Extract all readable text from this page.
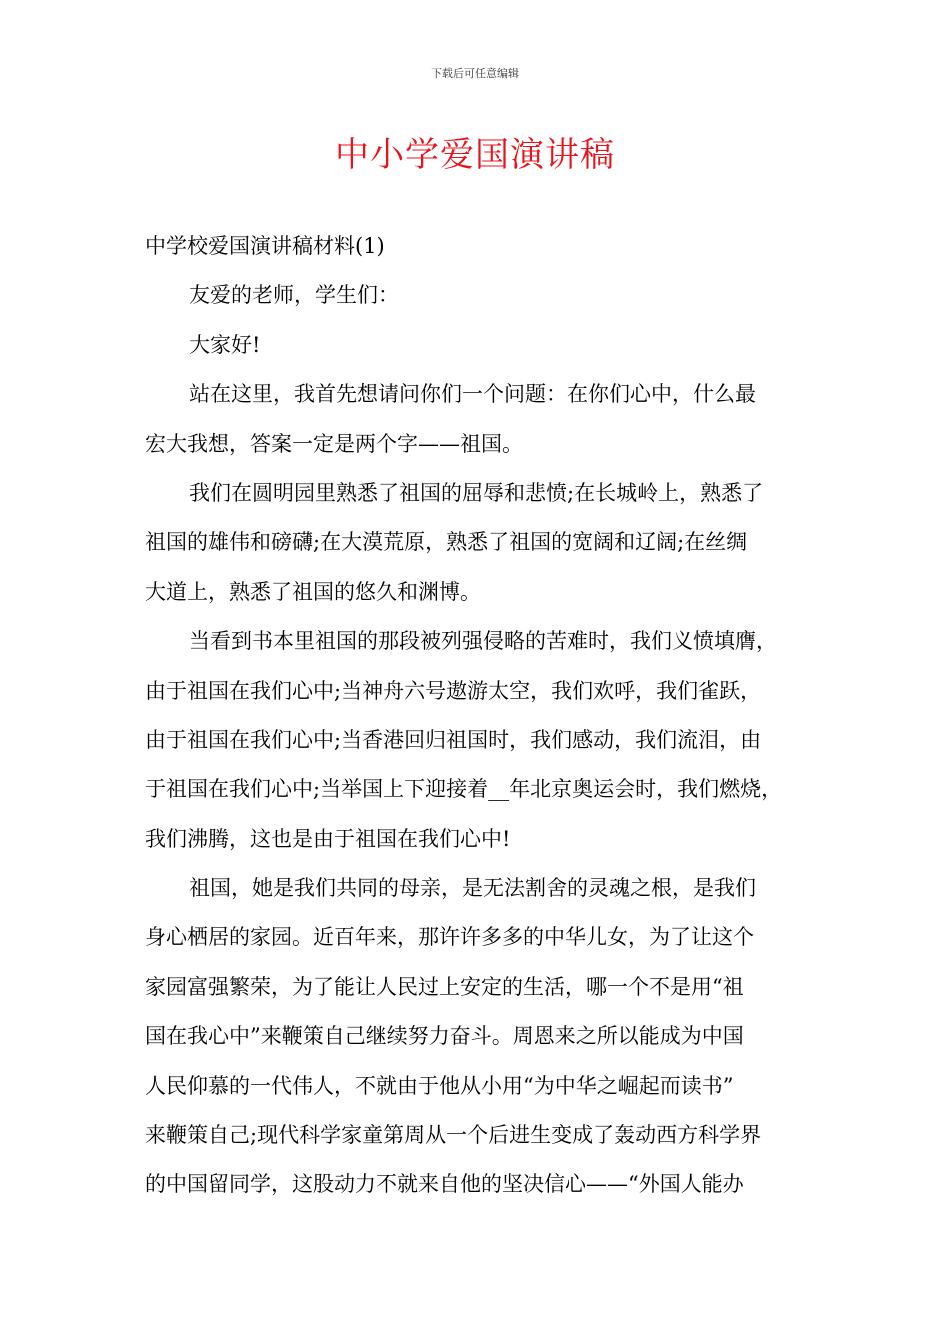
下载后可任意编辑
中小学爱国演讲稿
中学校爱国演讲稿材料(1)
友爱的老师，学生们：
大家好!
站在这里，我首先想请问你们一个问题：在你们心中，什么最
宏大我想，答案一定是两个字——祖国。
我们在圆明园里熟悉了祖国的屈辱和悲愤;在长城岭上，熟悉了
祖国的雄伟和磅礴;在大漠荒原，熟悉了祖国的宽阔和辽阔;在丝绸
大道上，熟悉了祖国的悠久和渊博。
当看到书本里祖国的那段被列强侵略的苦难时，我们义愤填膺，
由于祖国在我们心中;当神舟六号遨游太空，我们欢呼，我们雀跃，
由于祖国在我们心中;当香港回归祖国时，我们感动，我们流泪，由
于祖国在我们心中;当举国上下迎接着__年北京奥运会时，我们燃烧，
我们沸腾，这也是由于祖国在我们心中!
祖国，她是我们共同的母亲，是无法割舍的灵魂之根，是我们
身心栖居的家园。近百年来，那许许多多的中华儿女，为了让这个
家园富强繁荣，为了能让人民过上安定的生活，哪一个不是用“祖
国在我心中”来鞭策自己继续努力奋斗。周恩来之所以能成为中国
人民仰慕的一代伟人，不就由于他从小用“为中华之崛起而读书”
来鞭策自己;现代科学家童第周从一个后进生变成了轰动西方科学界
的中国留同学，这股动力不就来自他的坚决信心——“外国人能办
